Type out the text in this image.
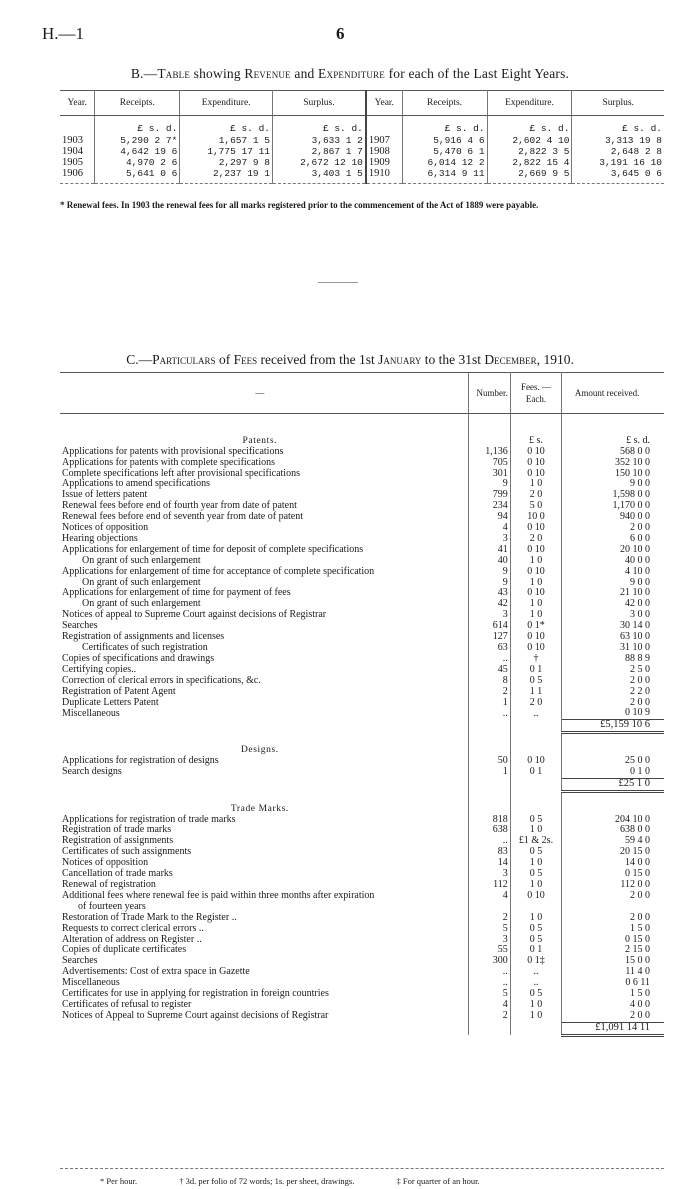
H.—1	6
B.—Table showing Revenue and Expenditure for each of the Last Eight Years.
Year.	Receipts.	Expenditure.	Surplus.	Year.	Receipts.	Expenditure.	Surplus.
	£ s. d.	£ s. d.	£ s. d.		£ s. d.	£ s. d.	£ s. d.
1903	5,290 2 7*	1,657 1 5	3,633 1 2	1907	5,916 4 6	2,602 4 10	3,313 19 8
1904	4,642 19 6	1,775 17 11	2,867 1 7	1908	5,470 6 1	2,822 3 5	2,648 2 8
1905	4,970 2 6	2,297 9 8	2,672 12 10	1909	6,014 12 2	2,822 15 4	3,191 16 10
1906	5,641 0 6	2,237 19 1	3,403 1 5	1910	6,314 9 11	2,669 9 5	3,645 0 6
* Renewal fees. In 1903 the renewal fees for all marks registered prior to the commencement of the Act of 1889 were payable.
C.—Particulars of Fees received from the 1st January to the 31st December, 1910.
—		Number.	Fees. — Each.	Amount received.

Patents.			£ s.	£ s. d.
Applications for patents with provisional specifications		1,136	0 10	568 0 0
Applications for patents with complete specifications		705	0 10	352 10 0
Complete specifications left after provisional specifications		301	0 10	150 10 0
Applications to amend specifications		9	1 0	9 0 0
Issue of letters patent		799	2 0	1,598 0 0
Renewal fees before end of fourth year from date of patent		234	5 0	1,170 0 0
Renewal fees before end of seventh year from date of patent		94	10 0	940 0 0
Notices of opposition		4	0 10	2 0 0
Hearing objections		3	2 0	6 0 0
Applications for enlargement of time for deposit of complete specifications		41	0 10	20 10 0
On grant of such enlargement		40	1 0	40 0 0
Applications for enlargement of time for acceptance of complete specification		9	0 10	4 10 0
On grant of such enlargement		9	1 0	9 0 0
Applications for enlargement of time for payment of fees		43	0 10	21 10 0
On grant of such enlargement		42	1 0	42 0 0
Notices of appeal to Supreme Court against decisions of Registrar		3	1 0	3 0 0
Searches		614	0 1*	30 14 0
Registration of assignments and licenses		127	0 10	63 10 0
Certificates of such registration		63	0 10	31 10 0
Copies of specifications and drawings		..	†	88 8 9
Certifying copies..		45	0 1	2 5 0
Correction of clerical errors in specifications, &c.		8	0 5	2 0 0
Registration of Patent Agent		2	1 1	2 2 0
Duplicate Letters Patent		1	2 0	2 0 0
Miscellaneous		..	..	0 10 9
				£5,159 10 6

Designs.				
Applications for registration of designs		50	0 10	25 0 0
Search designs		1	0 1	0 1 0
				£25 1 0

Trade Marks.				
Applications for registration of trade marks		818	0 5	204 10 0
Registration of trade marks		638	1 0	638 0 0
Registration of assignments		..	£1 & 2s.	59 4 0
Certificates of such assignments		83	0 5	20 15 0
Notices of opposition		14	1 0	14 0 0
Cancellation of trade marks		3	0 5	0 15 0
Renewal of registration		112	1 0	112 0 0
Additional fees where renewal fee is paid within three months after expiration		4	0 10	2 0 0
of fourteen years				
Restoration of Trade Mark to the Register ..		2	1 0	2 0 0
Requests to correct clerical errors ..		5	0 5	1 5 0
Alteration of address on Register ..		3	0 5	0 15 0
Copies of duplicate certificates		55	0 1	2 15 0
Searches		300	0 1‡	15 0 0
Advertisements: Cost of extra space in Gazette		..	..	11 4 0
Miscellaneous		..	..	0 6 11
Certificates for use in applying for registration in foreign countries		5	0 5	1 5 0
Certificates of refusal to register		4	1 0	4 0 0
Notices of Appeal to Supreme Court against decisions of Registrar		2	1 0	2 0 0
				£1,091 14 11
* Per hour.	† 3d. per folio of 72 words; 1s. per sheet, drawings.	‡ For quarter of an hour.
